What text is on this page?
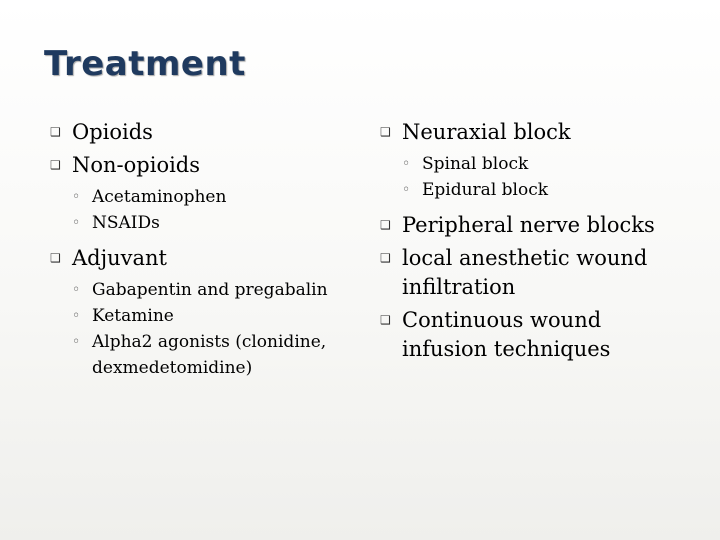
Treatment
❑ Opioids
❑ Non-opioids
◦ Acetaminophen
◦ NSAIDs
❑ Adjuvant
◦ Gabapentin and pregabalin
◦ Ketamine
◦ Alpha2 agonists (clonidine, dexmedetomidine)
❑ Neuraxial block
◦ Spinal block
◦ Epidural block
❑ Peripheral nerve blocks
❑ local anesthetic wound infiltration
❑ Continuous wound infusion techniques
